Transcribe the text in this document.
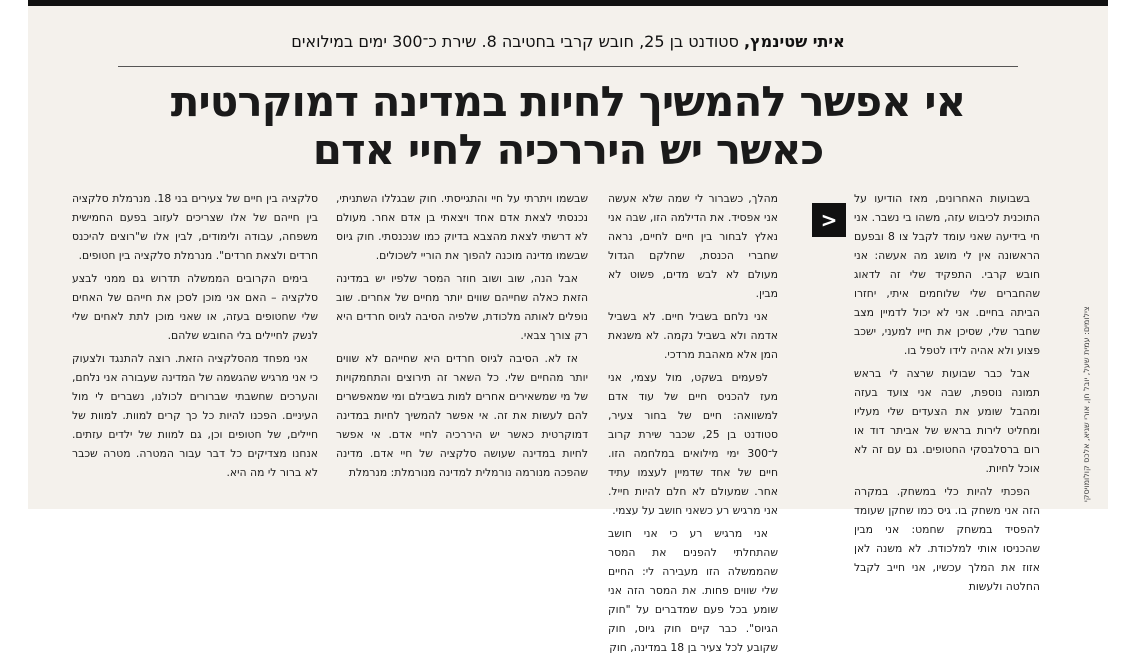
איתי שטינמץ, סטודנט בן 25, חובש קרבי בחטיבה 8. שירת כ־300 ימים במילואים
אי אפשר להמשיך לחיות במדינה דמוקרטית
כאשר יש היררכיה לחיי אדם

בשבועות האחרונים, מאז הודיעו על התוכנית לכיבוש עזה, משהו בי נשבר. אני חי בידיעה שאני עומד לקבל צו 8 ובפעם הראשונה אין לי מושג מה אעשה: אני חובש קרבי. התפקיד שלי זה לדאוג שהחברים שלי שלוחמים איתי, יחזרו הביתה בחיים. אני לא יכול לדמיין מצב שחבר שלי, שסיכן את חייו למעני, ישכב פצוע ולא אהיה לידו לטפל בו.

אבל כבר שבועות שרצה לי בראש תמונה נוספת, שבה אני צועד בעזה ומהבל שומע את הצעדים שלי מעליו ומחליט לירות בראש של אביתר דוד או רום ברסלבסקי החטופים. גם עם זה לא אוכל לחיות.

הפכתי להיות כלי במשחק. במקרה הזה אני משחק בו. גיס כמו שחקן שעומד להפסיד במשחק שחמט: אני מבין שהכניסו אותי למלכודת. לא משנה לאן אזוז את המלך עכשיו, אני חייב לקבל החלטה ולעשות

>

מהלך, כשברור לי שמה שלא אעשה אני אפסיד. את הדילמה הזו, שבה אני נאלץ לבחור בין חיים לחיים, נראה שחברי הכנסת, שחלקם הגדול מעולם לא לבש מדים, פשוט לא מבין.

אני נלחם בשביל חיים. לא בשביל אדמה ולא בשביל נקמה. לא משנאת המן אלא מאהבת מרדכי.

לפעמים בשקט, מול עצמי, אני מעז להכניס חיים של עוד אדם למשוואה: חיים של בחור צעיר, סטודנט בן 25, שכבר שירת קרוב ל־300 ימי מילואים במלחמה הזו. חיים של אחד שדמיין לעצמו עתיד אחר. שמעולם לא חלם להיות חייל. אני מרגיש רע כשאני חושב על עצמי.

אני מרגיש רע כי אני חושב שהתחלתי להפנים את המסר שהממשלה הזו מעבירה לי: החיים שלי שווים פחות. את המסר הזה אני שומע בכל פעם שמדברים על "חוק הגיוס". כבר קיים חוק גיוס, חוק שקובע לכל צעיר בן 18 במדינה, חוק

שבשמו ויתרתי על חיי והתגייסתי. חוק שבגללו השתניתי, נכנסתי לצאת אדם אחד ויצאתי בן אדם אחר. מעולם לא דרשתי לצאת מהצבא בדיוק כמו שנכנסתי. חוק גיוס שבשמו מדינה מוכנה להפוך את הוריי לשכולים.

אבל הנה, שוב ושוב חוזר המסר שלפיו יש במדינה הזאת כאלה שחייהם שווים יותר מחיים של אחרים. שוב נופלים לאותה מלכודת, שלפיה הסיבה לגיוס חרדים היא רק צורך צבאי.

אז לא. הסיבה לגיוס חרדים היא שחייהם לא שווים יותר מהחיים שלי. כל השאר זה תירוצים והתחמקויות של מי שמשאירים אחרים למות בשבילם ומי שמאפשרים להם לעשות את זה. אי אפשר להמשיך לחיות במדינה דמוקרטית כאשר יש היררכיה לחיי אדם. אי אפשר לחיות במדינה שעושה סלקציה של חיי אדם. מדינה שהפכה מנורמה נורמלית למדינה מנורמלת: מנרמלת

סלקציה בין חיים של צעירים בני 18. מנרמלת סלקציה בין חייהם של אלו שצריכים לעזוב בפעם החמישית משפחה, עבודה ולימודים, לבין אלו ש"רוצים להיכנס חרדים ולצאת חרדים". מנרמלת סלקציה בין חטופים.

בימים הקרובים הממשלה תדרוש גם ממני לבצע סלקציה – האם אני מוכן לסכן את חייהם של האחים שלי שחטופים בעזה, או שאני מוכן לתת לאחים שלי לנשק לחיילים בלי החובש שלהם.

אני מפחד מהסלקציה הזאת. רוצה להתנגד ולצעוק כי אני מרגיש שהגשמה של המדינה שעבורה אני נלחם, והערכים שחשבתי שברורים לכולנו, נשברים לי מול העיניים. הפכנו להיות כל כך קרים למוות. למוות של חיילים, של חטופים וכן, גם למוות של ילדים עזתים. אנחנו מצדיקים כל דבר עבור המטרה. מטרה שכבר לא ברור לי מה היא.	צילומים: עמית שעל, יובל חן, אורי שגיא, אלכס קולומויסקי
